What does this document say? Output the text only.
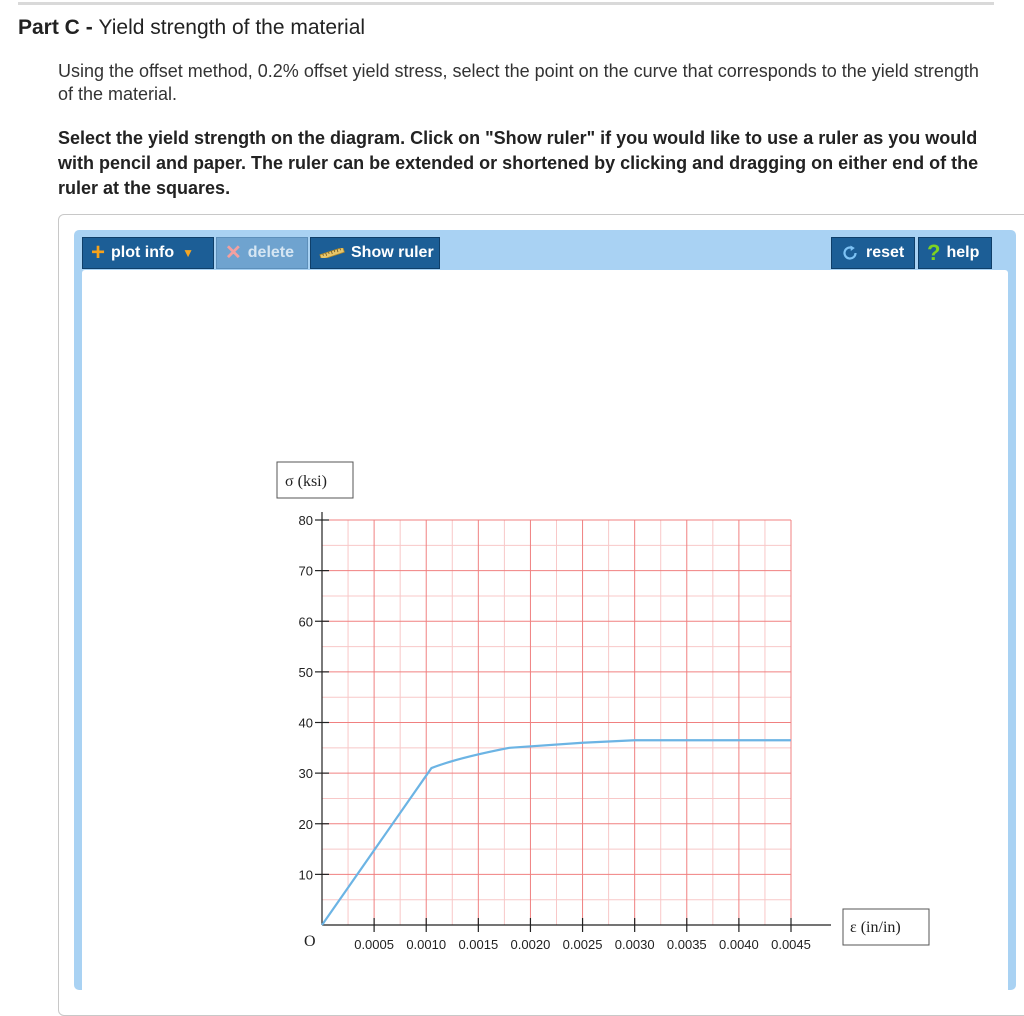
Part C - Yield strength of the material
Using the offset method, 0.2% offset yield stress, select the point on the curve that corresponds to the yield strength of the material.
Select the yield strength on the diagram. Click on "Show ruler" if you would like to use a ruler as you would with pencil and paper. The ruler can be extended or shortened by clicking and dragging on either end of the ruler at the squares.
+ plot info ▼ ✕ delete	Show ruler	reset ? help
10
20
30
40
50
60
70
80
0.0005 0.0010 0.0015 0.0020 0.0025 0.0030 0.0035 0.0040 0.0045
σ (ksi)
ε (in/in)
O
